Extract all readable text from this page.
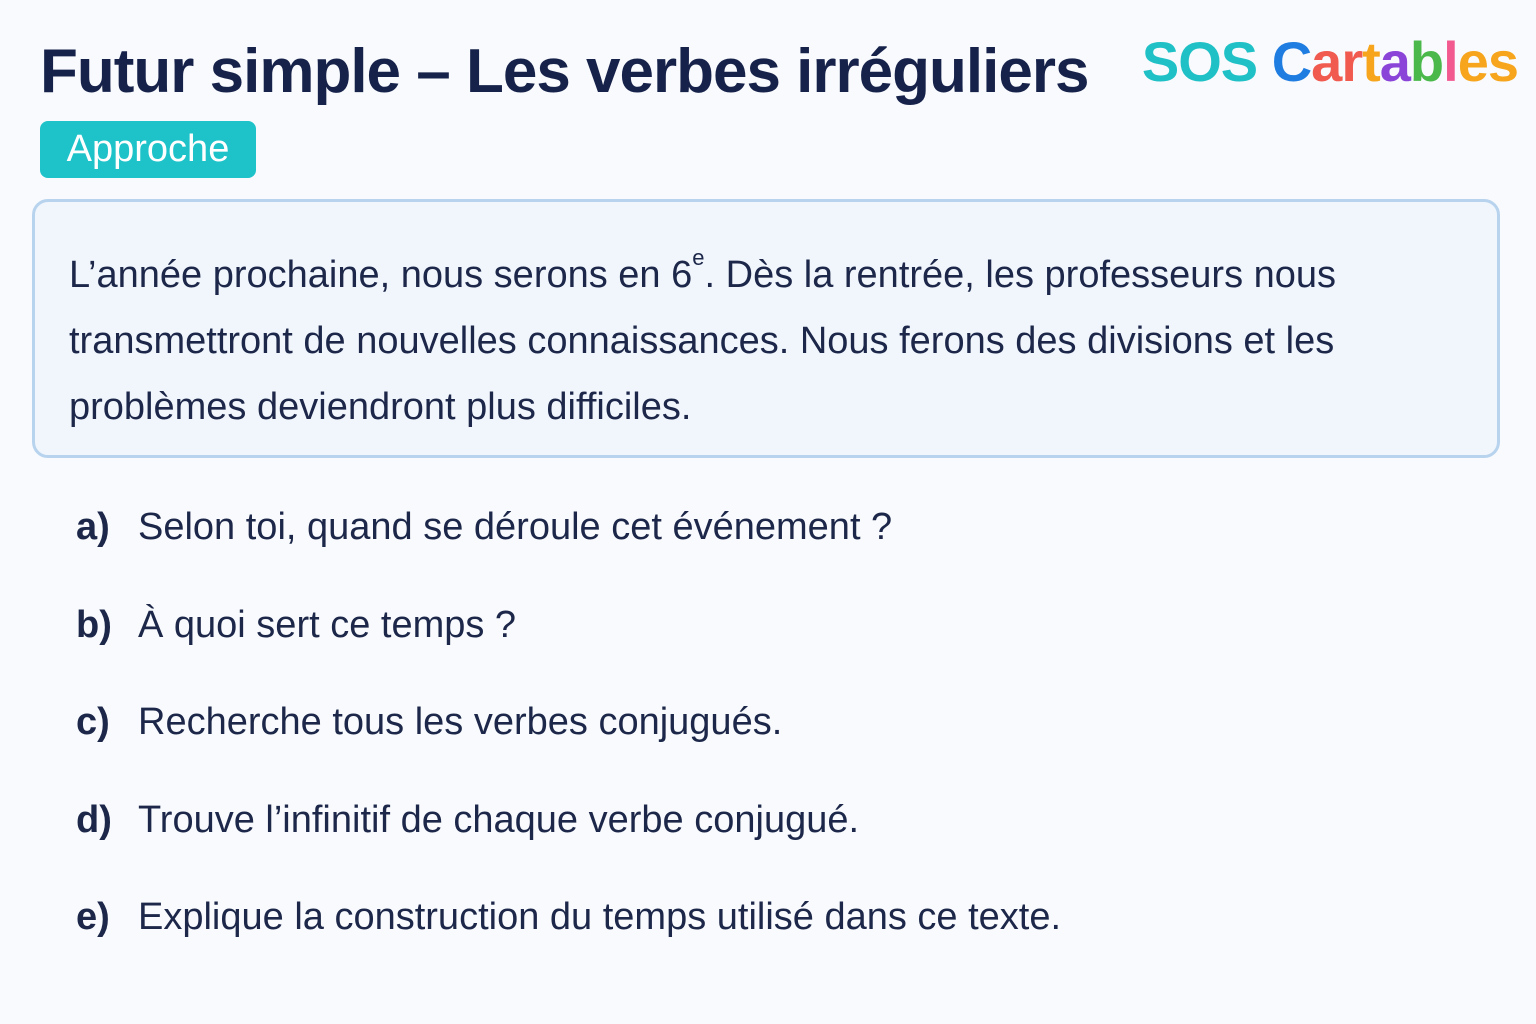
Futur simple – Les verbes irréguliers SOS Cartables
Approche

L’année prochaine, nous serons en 6e. Dès la rentrée, les professeurs nous transmettront de nouvelles connaissances. Nous ferons des divisions et les problèmes deviendront plus difficiles.

a) Selon toi, quand se déroule cet événement ?
b) À quoi sert ce temps ?
c) Recherche tous les verbes conjugués.
d) Trouve l’infinitif de chaque verbe conjugué.
e) Explique la construction du temps utilisé dans ce texte.
